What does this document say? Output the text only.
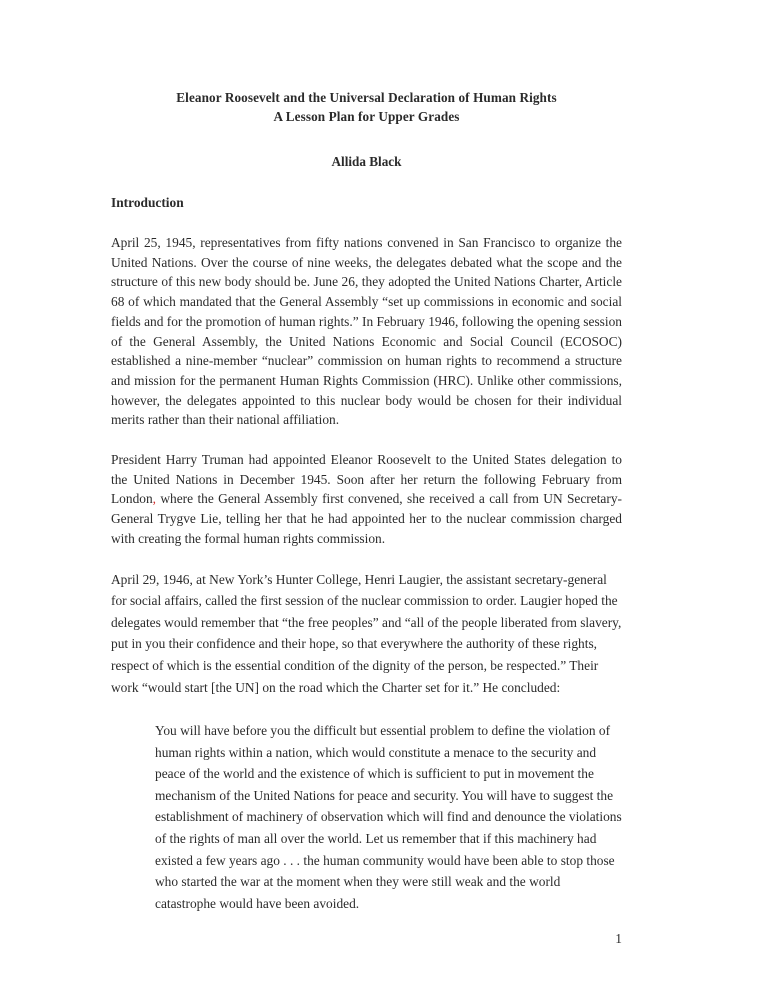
Eleanor Roosevelt and the Universal Declaration of Human Rights
A Lesson Plan for Upper Grades
Allida Black
Introduction

April 25, 1945, representatives from fifty nations convened in San Francisco to organize the United Nations. Over the course of nine weeks, the delegates debated what the scope and the structure of this new body should be. June 26, they adopted the United Nations Charter, Article 68 of which mandated that the General Assembly “set up commissions in economic and social fields and for the promotion of human rights.” In February 1946, following the opening session of the General Assembly, the United Nations Economic and Social Council (ECOSOC) established a nine-member “nuclear” commission on human rights to recommend a structure and mission for the permanent Human Rights Commission (HRC). Unlike other commissions, however, the delegates appointed to this nuclear body would be chosen for their individual merits rather than their national affiliation.

President Harry Truman had appointed Eleanor Roosevelt to the United States delegation to the United Nations in December 1945. Soon after her return the following February from London, where the General Assembly first convened, she received a call from UN Secretary-General Trygve Lie, telling her that he had appointed her to the nuclear commission charged with creating the formal human rights commission.

April 29, 1946, at New York’s Hunter College, Henri Laugier, the assistant secretary-general for social affairs, called the first session of the nuclear commission to order. Laugier hoped the delegates would remember that “the free peoples” and “all of the people liberated from slavery, put in you their confidence and their hope, so that everywhere the authority of these rights, respect of which is the essential condition of the dignity of the person, be respected.” Their work “would start [the UN] on the road which the Charter set for it.” He concluded:

You will have before you the difficult but essential problem to define the violation of human rights within a nation, which would constitute a menace to the security and peace of the world and the existence of which is sufficient to put in movement the mechanism of the United Nations for peace and security. You will have to suggest the establishment of machinery of observation which will find and denounce the violations of the rights of man all over the world. Let us remember that if this machinery had existed a few years ago . . . the human community would have been able to stop those who started the war at the moment when they were still weak and the world catastrophe would have been avoided.
1
